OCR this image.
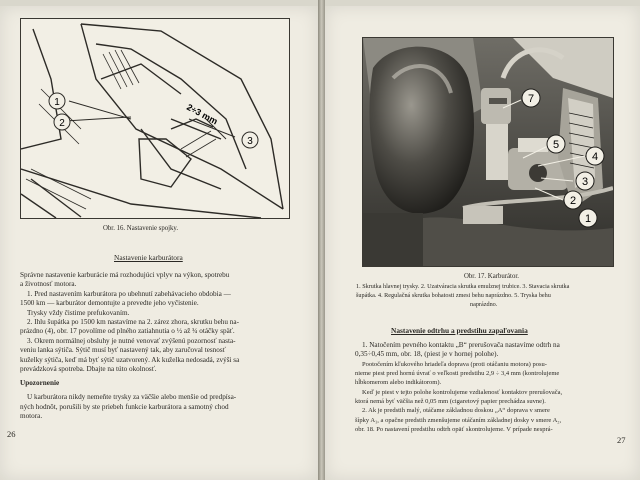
1
2
3
2÷3 mm

Obr. 16. Nastavenie spojky.

Nastavenie karburátora

Správne nastavenie karburácie má rozhodujúci vplyv na výkon, spotrebu

a životnosť motora.

1. Pred nastavením karburátora po ubehnutí zabehávacieho obdobia —

1500 km — karburátor demontujte a prevedte jeho vyčistenie.

Trysky vždy čistime prefukovaním.

2. Ihlu šupátka po 1500 km nastavíme na 2. zárez zhora, skrutku behu na-

prázdno (4), obr. 17 povolíme od plného zatiahnutia o ½ až ¾ otáčky späť.

3. Okrem normálnej obsluhy je nutné venovať zvýšenú pozornosť nasta-

veniu lanka sýtiča. Sýtič musí byť nastavený tak, aby zaručoval tesnosť

kuželky sýtiča, keď má byť sýtič uzatvorený. Ak kuželka nedosadá, zvýši sa

prevádzková spotreba. Dbajte na túto okolnosť.

Upozornenie

U karburátora nikdy nemeňte trysky za väčšie alebo menšie od predpísa-

ných hodnôt, porušili by ste priebeh funkcie karburátora a samotný chod

motora.

26
7
5
4
3
2
1

Obr. 17. Karburátor.

1. Skrutka hlavnej trysky. 2. Uzatváracia skrutka emulznej trubice. 3. Stavacia skrutka

šupátka. 4. Regulačná skrutka bohatosti zmesi behu naprázdno. 5. Tryska behu

naprázdno.

Nastavenie odtrhu a predstihu zapaľovania

1. Natočením pevného kontaktu „B“ prerušovača nastavíme odtrh na

0,35÷0,45 mm, obr. 18, (piest je v hornej polohe).

Pootočením kľukového hriadeľa doprava (proti otáčaniu motora) posu-

nieme piest pred hornú úvrať o veľkosti predstihu 2,9 ÷ 3,4 mm (kontrolujeme

hĺbkomerom alebo indikátorom).

Keď je piest v tejto polohe kontrolujeme vzdialenosť kontaktov prerušovača,

ktorá nemá byť väčšia než 0,05 mm (cigaretový papier prechádza suvne).

2. Ak je predstih malý, otáčame základnou doskou „A“ doprava v smere

šípky A₁, a opačne predstih zmenšujeme otáčaním základnej dosky v smere A₂,

obr. 18. Po nastavení predstihu odtrh opäť skontrolujeme. V prípade nesprá-

27
